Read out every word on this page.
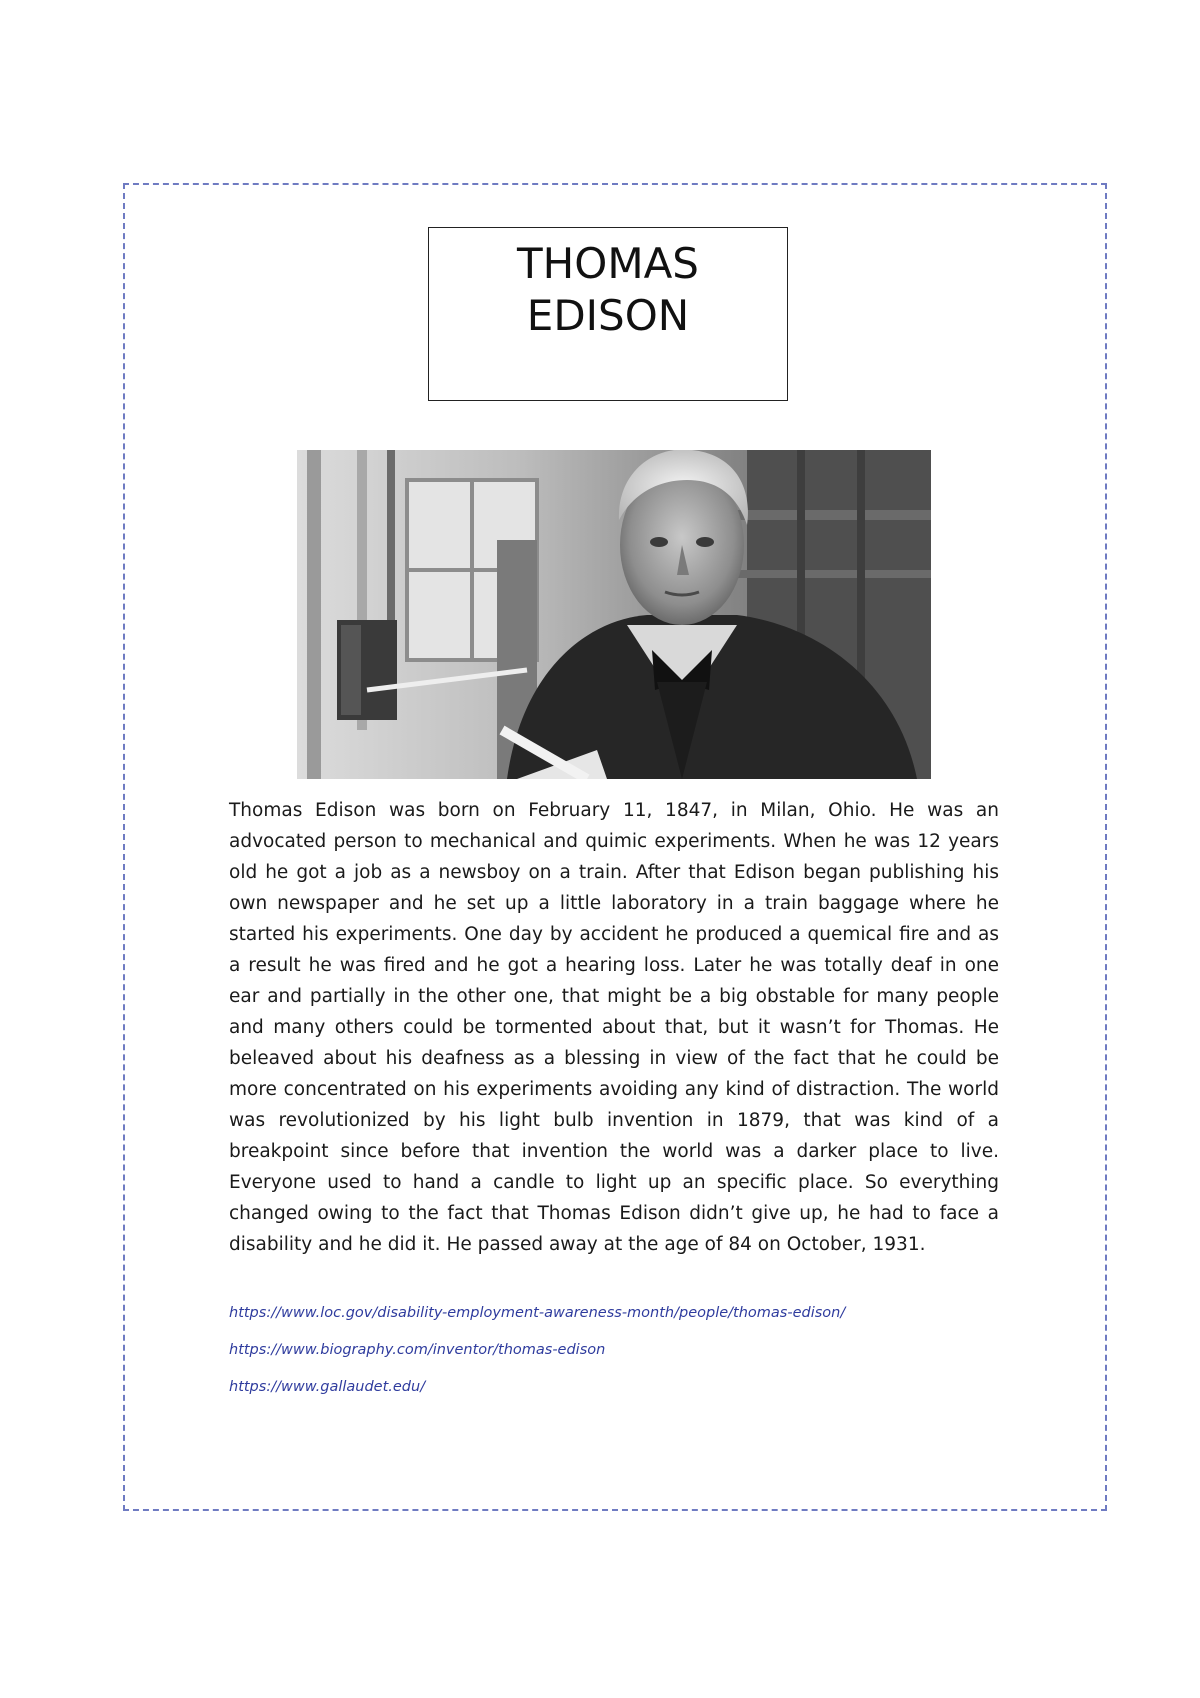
THOMAS
EDISON

Thomas Edison was born on February 11, 1847, in Milan, Ohio. He was an advocated person to mechanical and quimic experiments. When he was 12 years old he got a job as a newsboy on a train. After that Edison began publishing his own newspaper and he set up a little laboratory in a train baggage where he started his experiments. One day by accident he produced a quemical fire and as a result he was fired and he got a hearing loss. Later he was totally deaf in one ear and partially in the other one, that might be a big obstable for many people and many others could be tormented about that, but it wasn’t for Thomas. He beleaved about his deafness as a blessing in view of the fact that he could be more concentrated on his experiments avoiding any kind of distraction. The world was revolutionized by his light bulb invention in 1879, that was kind of a breakpoint since before that invention the world was a darker place to live. Everyone used to hand a candle to light up an specific place. So everything changed owing to the fact that Thomas Edison didn’t give up, he had to face a disability and he did it. He passed away at the age of 84 on October, 1931.

https://www.loc.gov/disability-employment-awareness-month/people/thomas-edison/
https://www.biography.com/inventor/thomas-edison
https://www.gallaudet.edu/
